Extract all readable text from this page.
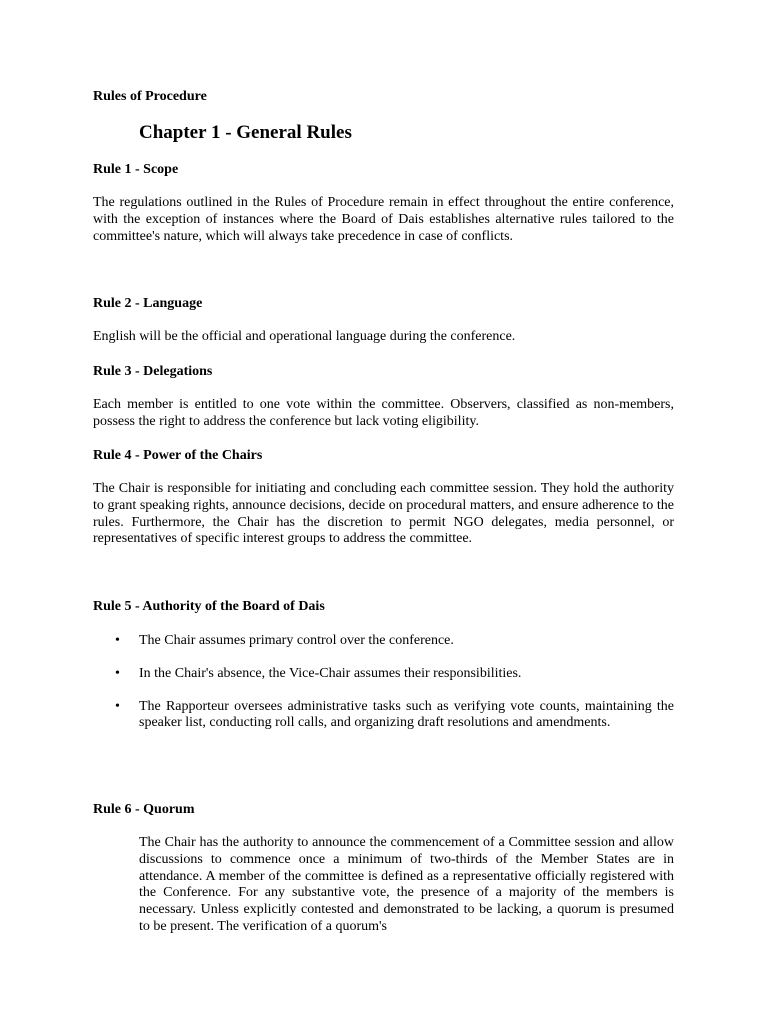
Rules of Procedure

Chapter 1 - General Rules

Rule 1 - Scope

The regulations outlined in the Rules of Procedure remain in effect throughout the entire conference, with the exception of instances where the Board of Dais establishes alternative rules tailored to the committee's nature, which will always take precedence in case of conflicts.

Rule 2 - Language

English will be the official and operational language during the conference.

Rule 3 - Delegations

Each member is entitled to one vote within the committee. Observers, classified as non-members, possess the right to address the conference but lack voting eligibility.

Rule 4 - Power of the Chairs

The Chair is responsible for initiating and concluding each committee session. They hold the authority to grant speaking rights, announce decisions, decide on procedural matters, and ensure adherence to the rules. Furthermore, the Chair has the discretion to permit NGO delegates, media personnel, or representatives of specific interest groups to address the committee.

Rule 5 - Authority of the Board of Dais

• The Chair assumes primary control over the conference.
• In the Chair's absence, the Vice-Chair assumes their responsibilities.
• The Rapporteur oversees administrative tasks such as verifying vote counts, maintaining the speaker list, conducting roll calls, and organizing draft resolutions and amendments.

Rule 6 - Quorum

The Chair has the authority to announce the commencement of a Committee session and allow discussions to commence once a minimum of two-thirds of the Member States are in attendance. A member of the committee is defined as a representative officially registered with the Conference. For any substantive vote, the presence of a majority of the members is necessary. Unless explicitly contested and demonstrated to be lacking, a quorum is presumed to be present. The verification of a quorum's
